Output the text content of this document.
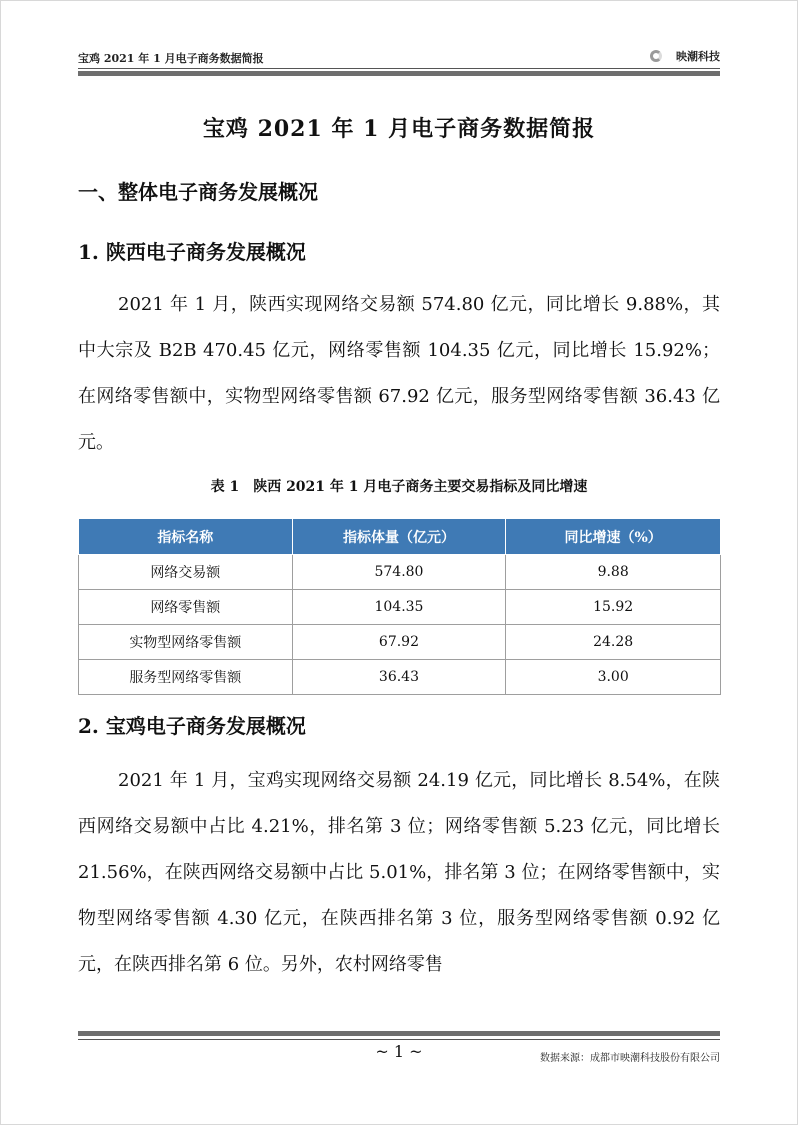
宝鸡 2021 年 1 月电子商务数据简报	映潮科技
宝鸡 2021 年 1 月电子商务数据简报
一、整体电子商务发展概况
1. 陕西电子商务发展概况
2021 年 1 月，陕西实现网络交易额 574.80 亿元，同比增长 9.88%，其中大宗及 B2B 470.45 亿元，网络零售额 104.35 亿元，同比增长 15.92%；在网络零售额中，实物型网络零售额 67.92 亿元，服务型网络零售额 36.43 亿元。
表 1　陕西 2021 年 1 月电子商务主要交易指标及同比增速
指标名称	指标体量（亿元）	同比增速（%）
网络交易额	574.80	9.88
网络零售额	104.35	15.92
实物型网络零售额	67.92	24.28
服务型网络零售额	36.43	3.00
2. 宝鸡电子商务发展概况
2021 年 1 月，宝鸡实现网络交易额 24.19 亿元，同比增长 8.54%，在陕西网络交易额中占比 4.21%，排名第 3 位；网络零售额 5.23 亿元，同比增长 21.56%，在陕西网络交易额中占比 5.01%，排名第 3 位；在网络零售额中，实物型网络零售额 4.30 亿元，在陕西排名第 3 位，服务型网络零售额 0.92 亿元，在陕西排名第 6 位。另外，农村网络零售
~ 1 ~	数据来源：成都市映潮科技股份有限公司
